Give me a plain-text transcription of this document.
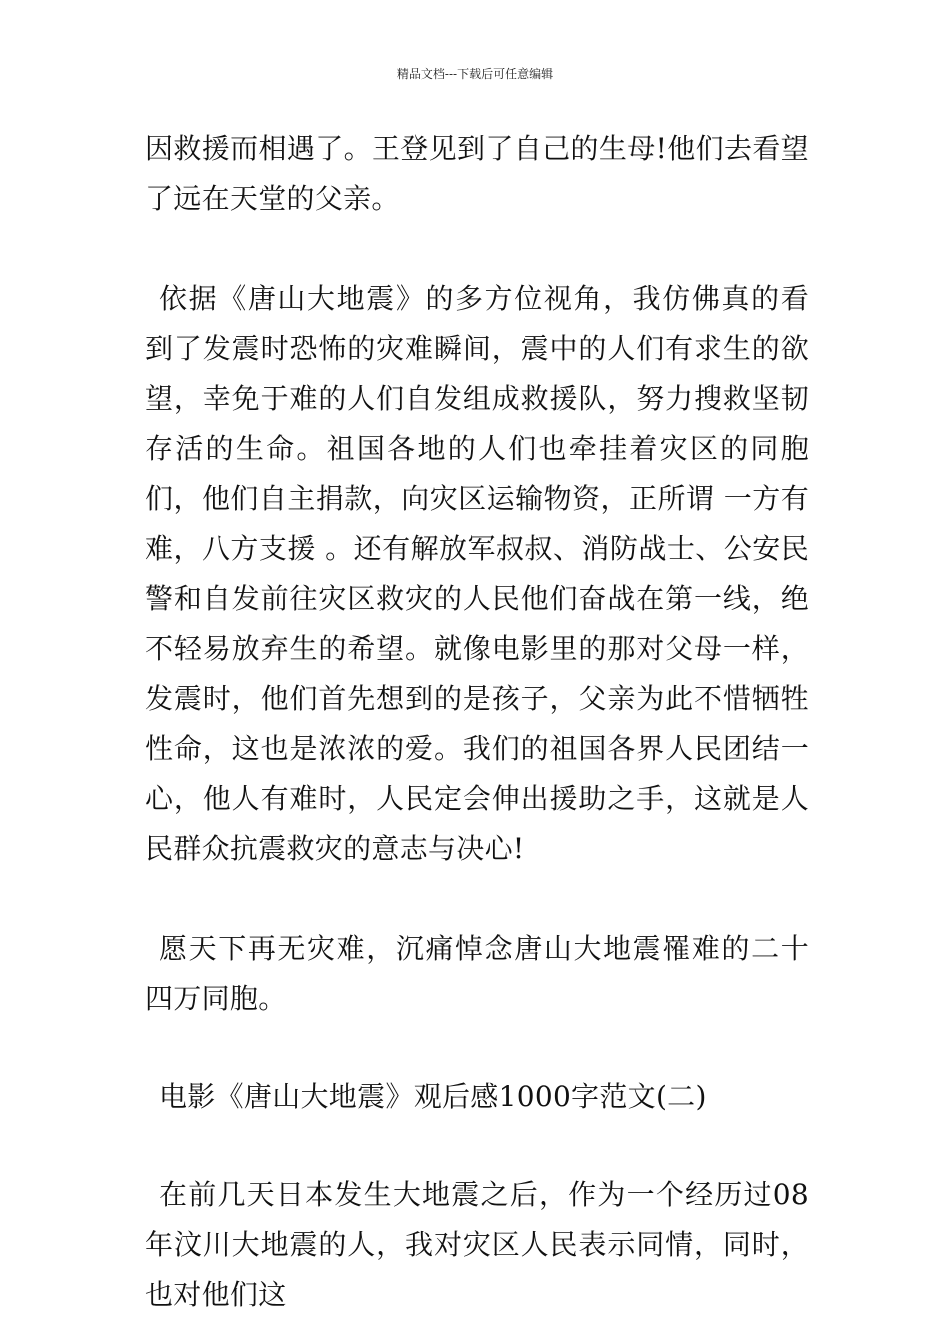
精品文档---下载后可任意编辑

因救援而相遇了。王登见到了自己的生母!他们去看望了远在天堂的父亲。

依据《唐山大地震》的多方位视角，我仿佛真的看到了发震时恐怖的灾难瞬间，震中的人们有求生的欲望，幸免于难的人们自发组成救援队，努力搜救坚韧存活的生命。祖国各地的人们也牵挂着灾区的同胞们，他们自主捐款，向灾区运输物资，正所谓 一方有难，八方支援 。还有解放军叔叔、消防战士、公安民警和自发前往灾区救灾的人民他们奋战在第一线，绝不轻易放弃生的希望。就像电影里的那对父母一样，发震时，他们首先想到的是孩子，父亲为此不惜牺牲性命，这也是浓浓的爱。我们的祖国各界人民团结一心，他人有难时，人民定会伸出援助之手，这就是人民群众抗震救灾的意志与决心!

愿天下再无灾难，沉痛悼念唐山大地震罹难的二十四万同胞。

电影《唐山大地震》观后感1000字范文(二)

在前几天日本发生大地震之后，作为一个经历过08年汶川大地震的人，我对灾区人民表示同情，同时，也对他们这
